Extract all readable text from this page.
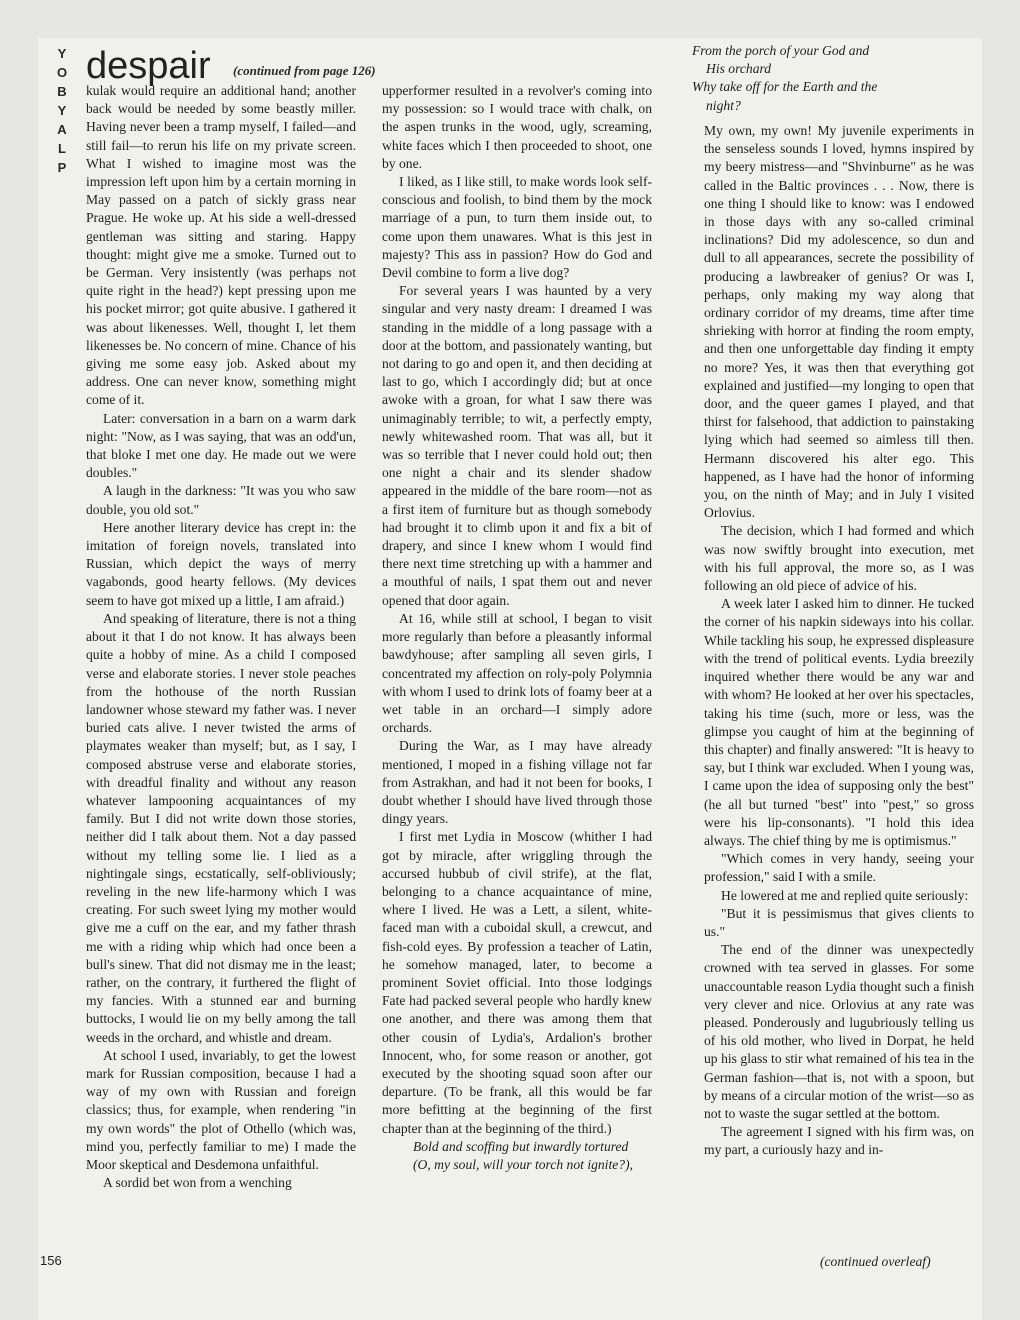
Y
O
B
Y
A
L
P
despair (continued from page 126)

kulak would require an additional hand; another back would be needed by some beastly miller. Having never been a tramp myself, I failed—and still fail—to rerun his life on my private screen. What I wished to imagine most was the impression left upon him by a certain morning in May passed on a patch of sickly grass near Prague. He woke up. At his side a well-dressed gentleman was sitting and staring. Happy thought: might give me a smoke. Turned out to be German. Very insistently (was perhaps not quite right in the head?) kept pressing upon me his pocket mirror; got quite abusive. I gathered it was about likenesses. Well, thought I, let them likenesses be. No concern of mine. Chance of his giving me some easy job. Asked about my address. One can never know, something might come of it.

Later: conversation in a barn on a warm dark night: "Now, as I was saying, that was an odd'un, that bloke I met one day. He made out we were doubles."

A laugh in the darkness: "It was you who saw double, you old sot."

Here another literary device has crept in: the imitation of foreign novels, translated into Russian, which depict the ways of merry vagabonds, good hearty fellows. (My devices seem to have got mixed up a little, I am afraid.)

And speaking of literature, there is not a thing about it that I do not know. It has always been quite a hobby of mine. As a child I composed verse and elaborate stories. I never stole peaches from the hothouse of the north Russian landowner whose steward my father was. I never buried cats alive. I never twisted the arms of playmates weaker than myself; but, as I say, I composed abstruse verse and elaborate stories, with dreadful finality and without any reason whatever lampooning acquaintances of my family. But I did not write down those stories, neither did I talk about them. Not a day passed without my telling some lie. I lied as a nightingale sings, ecstatically, self-obliviously; reveling in the new life-harmony which I was creating. For such sweet lying my mother would give me a cuff on the ear, and my father thrash me with a riding whip which had once been a bull's sinew. That did not dismay me in the least; rather, on the contrary, it furthered the flight of my fancies. With a stunned ear and burning buttocks, I would lie on my belly among the tall weeds in the orchard, and whistle and dream.

At school I used, invariably, to get the lowest mark for Russian composition, because I had a way of my own with Russian and foreign classics; thus, for example, when rendering "in my own words" the plot of Othello (which was, mind you, perfectly familiar to me) I made the Moor skeptical and Desdemona unfaithful.

A sordid bet won from a wenching

upperformer resulted in a revolver's coming into my possession: so I would trace with chalk, on the aspen trunks in the wood, ugly, screaming, white faces which I then proceeded to shoot, one by one.

I liked, as I like still, to make words look self-conscious and foolish, to bind them by the mock marriage of a pun, to turn them inside out, to come upon them unawares. What is this jest in majesty? This ass in passion? How do God and Devil combine to form a live dog?

For several years I was haunted by a very singular and very nasty dream: I dreamed I was standing in the middle of a long passage with a door at the bottom, and passionately wanting, but not daring to go and open it, and then deciding at last to go, which I accordingly did; but at once awoke with a groan, for what I saw there was unimaginably terrible; to wit, a perfectly empty, newly whitewashed room. That was all, but it was so terrible that I never could hold out; then one night a chair and its slender shadow appeared in the middle of the bare room—not as a first item of furniture but as though somebody had brought it to climb upon it and fix a bit of drapery, and since I knew whom I would find there next time stretching up with a hammer and a mouthful of nails, I spat them out and never opened that door again.

At 16, while still at school, I began to visit more regularly than before a pleasantly informal bawdyhouse; after sampling all seven girls, I concentrated my affection on roly-poly Polymnia with whom I used to drink lots of foamy beer at a wet table in an orchard—I simply adore orchards.

During the War, as I may have already mentioned, I moped in a fishing village not far from Astrakhan, and had it not been for books, I doubt whether I should have lived through those dingy years.

I first met Lydia in Moscow (whither I had got by miracle, after wriggling through the accursed hubbub of civil strife), at the flat, belonging to a chance acquaintance of mine, where I lived. He was a Lett, a silent, white-faced man with a cuboidal skull, a crewcut, and fish-cold eyes. By profession a teacher of Latin, he somehow managed, later, to become a prominent Soviet official. Into those lodgings Fate had packed several people who hardly knew one another, and there was among them that other cousin of Lydia's, Ardalion's brother Innocent, who, for some reason or another, got executed by the shooting squad soon after our departure. (To be frank, all this would be far more befitting at the beginning of the first chapter than at the beginning of the third.)

Bold and scoffing but inwardly tortured

(O, my soul, will your torch not ignite?),

From the porch of your God and

His orchard

Why take off for the Earth and the

night?

My own, my own! My juvenile experiments in the senseless sounds I loved, hymns inspired by my beery mistress—and "Shvinburne" as he was called in the Baltic provinces . . . Now, there is one thing I should like to know: was I endowed in those days with any so-called criminal inclinations? Did my adolescence, so dun and dull to all appearances, secrete the possibility of producing a lawbreaker of genius? Or was I, perhaps, only making my way along that ordinary corridor of my dreams, time after time shrieking with horror at finding the room empty, and then one unforgettable day finding it empty no more? Yes, it was then that everything got explained and justified—my longing to open that door, and the queer games I played, and that thirst for falsehood, that addiction to painstaking lying which had seemed so aimless till then. Hermann discovered his alter ego. This happened, as I have had the honor of informing you, on the ninth of May; and in July I visited Orlovius.

The decision, which I had formed and which was now swiftly brought into execution, met with his full approval, the more so, as I was following an old piece of advice of his.

A week later I asked him to dinner. He tucked the corner of his napkin sideways into his collar. While tackling his soup, he expressed displeasure with the trend of political events. Lydia breezily inquired whether there would be any war and with whom? He looked at her over his spectacles, taking his time (such, more or less, was the glimpse you caught of him at the beginning of this chapter) and finally answered: "It is heavy to say, but I think war excluded. When I young was, I came upon the idea of supposing only the best" (he all but turned "best" into "pest," so gross were his lip-consonants). "I hold this idea always. The chief thing by me is optimismus."

"Which comes in very handy, seeing your profession," said I with a smile.

He lowered at me and replied quite seriously:

"But it is pessimismus that gives clients to us."

The end of the dinner was unexpectedly crowned with tea served in glasses. For some unaccountable reason Lydia thought such a finish very clever and nice. Orlovius at any rate was pleased. Ponderously and lugubriously telling us of his old mother, who lived in Dorpat, he held up his glass to stir what remained of his tea in the German fashion—that is, not with a spoon, but by means of a circular motion of the wrist—so as not to waste the sugar settled at the bottom.

The agreement I signed with his firm was, on my part, a curiously hazy and in-

156	(continued overleaf)
